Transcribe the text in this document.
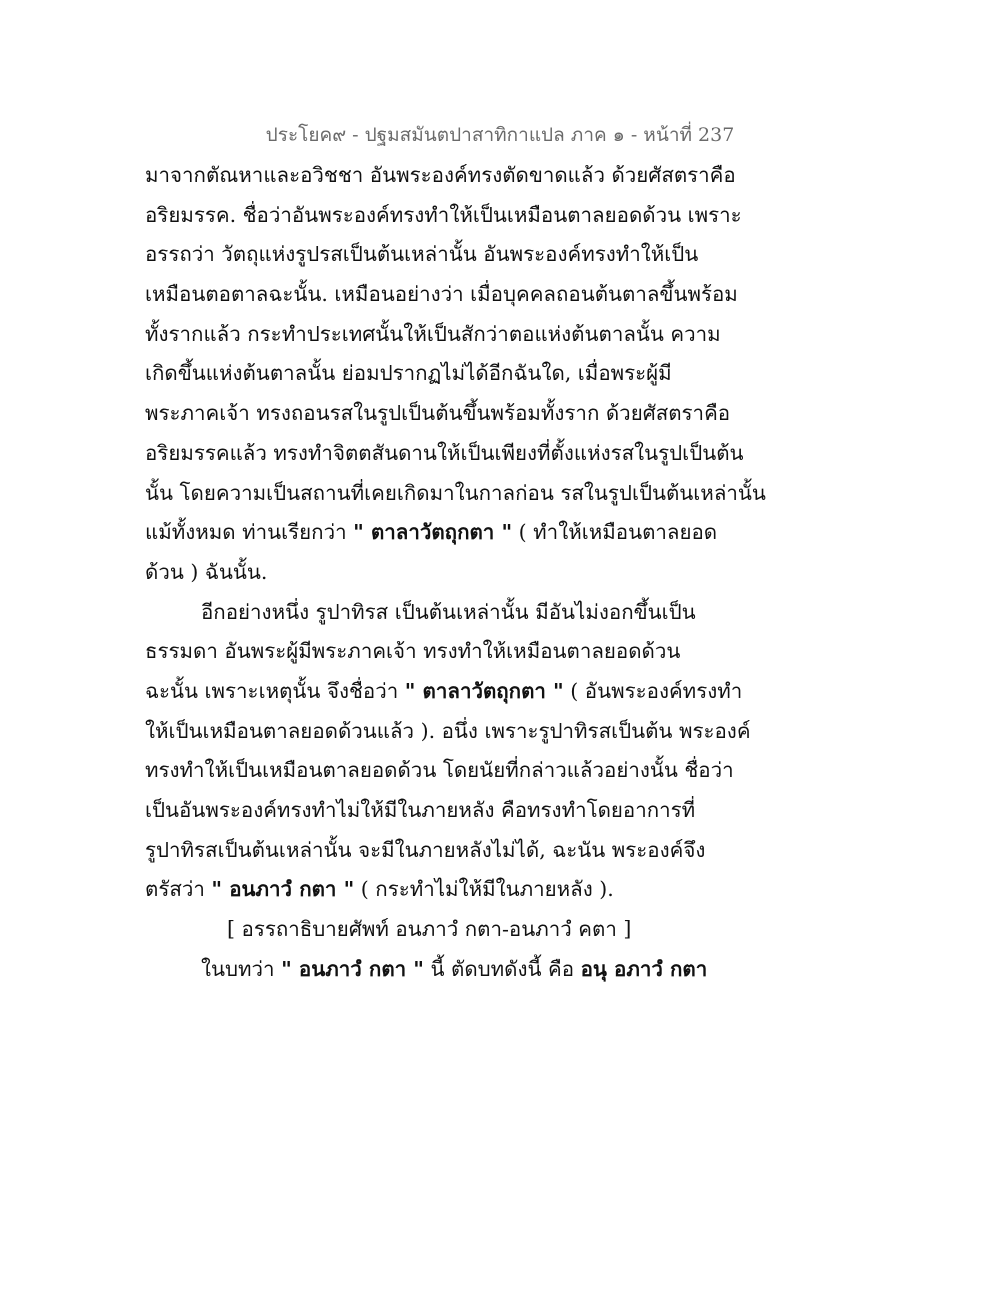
ประโยค๙ - ปฐมสมันตปาสาทิกาแปล ภาค ๑ - หน้าที่ 237
มาจากตัณหาและอวิชชา อันพระองค์ทรงตัดขาดแล้ว ด้วยศัสตราคือ
อริยมรรค. ชื่อว่าอันพระองค์ทรงทำให้เป็นเหมือนตาลยอดด้วน เพราะ
อรรถว่า วัตถุแห่งรูปรสเป็นต้นเหล่านั้น อันพระองค์ทรงทำให้เป็น
เหมือนตอตาลฉะนั้น. เหมือนอย่างว่า เมื่อบุคคลถอนต้นตาลขึ้นพร้อม
ทั้งรากแล้ว กระทำประเทศนั้นให้เป็นสักว่าตอแห่งต้นตาลนั้น ความ
เกิดขึ้นแห่งต้นตาลนั้น ย่อมปรากฏไม่ได้อีกฉันใด, เมื่อพระผู้มี
พระภาคเจ้า ทรงถอนรสในรูปเป็นต้นขึ้นพร้อมทั้งราก ด้วยศัสตราคือ
อริยมรรคแล้ว ทรงทำจิตตสันดานให้เป็นเพียงที่ตั้งแห่งรสในรูปเป็นต้น
นั้น โดยความเป็นสถานที่เคยเกิดมาในกาลก่อน รสในรูปเป็นต้นเหล่านั้น
แม้ทั้งหมด ท่านเรียกว่า " ตาลาวัตถุกตา " ( ทำให้เหมือนตาลยอด
ด้วน ) ฉันนั้น.
อีกอย่างหนึ่ง รูปาทิรส เป็นต้นเหล่านั้น มีอันไม่งอกขึ้นเป็น
ธรรมดา อันพระผู้มีพระภาคเจ้า ทรงทำให้เหมือนตาลยอดด้วน
ฉะนั้น เพราะเหตุนั้น จึงชื่อว่า " ตาลาวัตถุกตา " ( อันพระองค์ทรงทำ
ให้เป็นเหมือนตาลยอดด้วนแล้ว ). อนึ่ง เพราะรูปาทิรสเป็นต้น พระองค์
ทรงทำให้เป็นเหมือนตาลยอดด้วน โดยนัยที่กล่าวแล้วอย่างนั้น ชื่อว่า
เป็นอันพระองค์ทรงทำไม่ให้มีในภายหลัง คือทรงทำโดยอาการที่
รูปาทิรสเป็นต้นเหล่านั้น จะมีในภายหลังไม่ได้, ฉะนัน พระองค์จึง
ตรัสว่า " อนภาวํ กตา " ( กระทำไม่ให้มีในภายหลัง ).
[ อรรถาธิบายศัพท์ อนภาวํ กตา-อนภาวํ คตา ]
ในบทว่า " อนภาวํ กตา " นี้ ตัดบทดังนี้ คือ อนุ อภาวํ กตา
